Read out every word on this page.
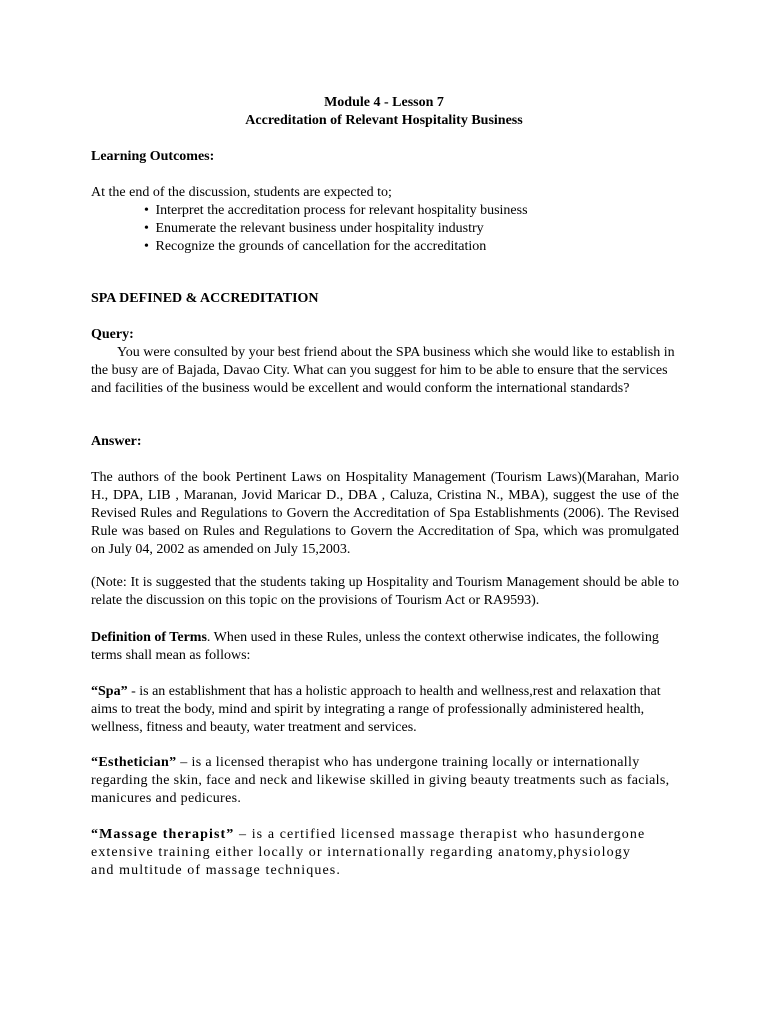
Module 4 - Lesson 7

Accreditation of Relevant Hospitality Business

Learning Outcomes:

At the end of the discussion, students are expected to;

• Interpret the accreditation process for relevant hospitality business
• Enumerate the relevant business under hospitality industry
• Recognize the grounds of cancellation for the accreditation

SPA DEFINED & ACCREDITATION

Query:

You were consulted by your best friend about the SPA business which she would like to establish in the busy are of Bajada, Davao City. What can you suggest for him to be able to ensure that the services and facilities of the business would be excellent and would conform the international standards?

Answer:

The authors of the book Pertinent Laws on Hospitality Management (Tourism Laws)(Marahan, Mario H., DPA, LIB , Maranan, Jovid Maricar D., DBA , Caluza, Cristina N., MBA), suggest the use of the Revised Rules and Regulations to Govern the Accreditation of Spa Establishments (2006). The Revised Rule was based on Rules and Regulations to Govern the Accreditation of Spa, which was promulgated on July 04, 2002 as amended on July 15,2003.

(Note: It is suggested that the students taking up Hospitality and Tourism Management should be able to relate the discussion on this topic on the provisions of Tourism Act or RA9593).

Definition of Terms. When used in these Rules, unless the context otherwise indicates, the following terms shall mean as follows:

“Spa” - is an establishment that has a holistic approach to health and wellness,rest and relaxation that aims to treat the body, mind and spirit by integrating a range of professionally administered health, wellness, fitness and beauty, water treatment and services.

“Esthetician” – is a licensed therapist who has undergone training locally or internationally regarding the skin, face and neck and likewise skilled in giving beauty treatments such as facials, manicures and pedicures.

“Massage therapist” – is a certified licensed massage therapist who hasundergone extensive training either locally or internationally regarding anatomy,physiology and multitude of massage techniques.
